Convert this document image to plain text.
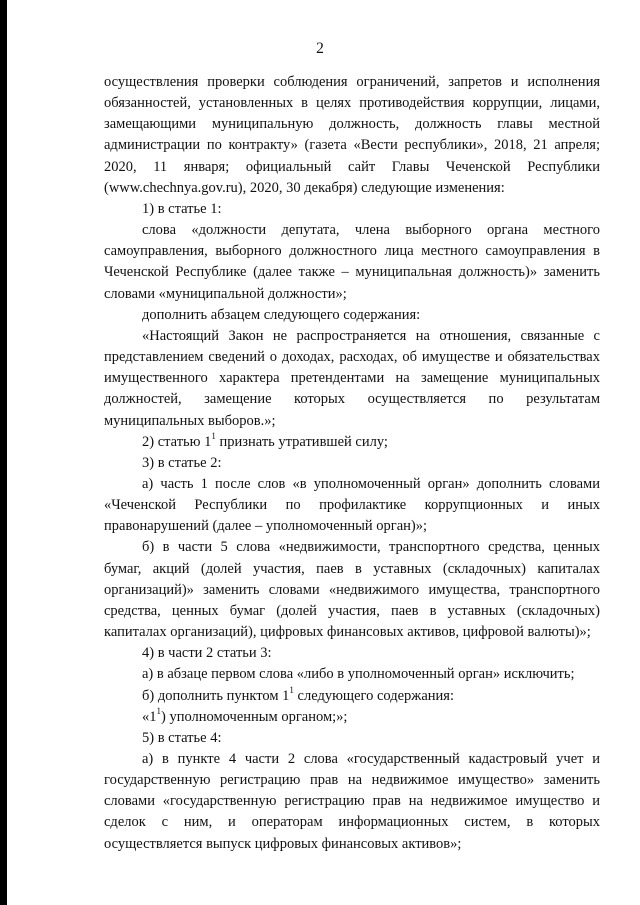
2

осуществления проверки соблюдения ограничений, запретов и исполнения

обязанностей, установленных в целях противодействия коррупции, лицами,

замещающими муниципальную должность, должность главы местной

администрации по контракту» (газета «Вести республики», 2018, 21 апреля;

2020, 11 января; официальный сайт Главы Чеченской Республики

(www.chechnya.gov.ru), 2020, 30 декабря) следующие изменения:

1) в статье 1:

слова «должности депутата, члена выборного органа местного самоуправления, выборного должностного лица местного самоуправления в Чеченской Республике (далее также – муниципальная должность)» заменить словами «муниципальной должности»;

дополнить абзацем следующего содержания:

«Настоящий Закон не распространяется на отношения, связанные с представлением сведений о доходах, расходах, об имуществе и обязательствах имущественного характера претендентами на замещение муниципальных должностей, замещение которых осуществляется по результатам муниципальных выборов.»;

2) статью $1^1$ признать утратившей силу;

3) в статье 2:

а) часть 1 после слов «в уполномоченный орган» дополнить словами «Чеченской Республики по профилактике коррупционных и иных правонарушений (далее – уполномоченный орган)»;

б) в части 5 слова «недвижимости, транспортного средства, ценных бумаг, акций (долей участия, паев в уставных (складочных) капиталах организаций)» заменить словами «недвижимого имущества, транспортного средства, ценных бумаг (долей участия, паев в уставных (складочных) капиталах организаций), цифровых финансовых активов, цифровой валюты)»;

4) в части 2 статьи 3:

а) в абзаце первом слова «либо в уполномоченный орган» исключить;

б) дополнить пунктом $1^1$ следующего содержания:

«$1^1$) уполномоченным органом;»;

5) в статье 4:

а) в пункте 4 части 2 слова «государственный кадастровый учет и государственную регистрацию прав на недвижимое имущество» заменить словами «государственную регистрацию прав на недвижимое имущество и сделок с ним, и операторам информационных систем, в которых осуществляется выпуск цифровых финансовых активов»;
